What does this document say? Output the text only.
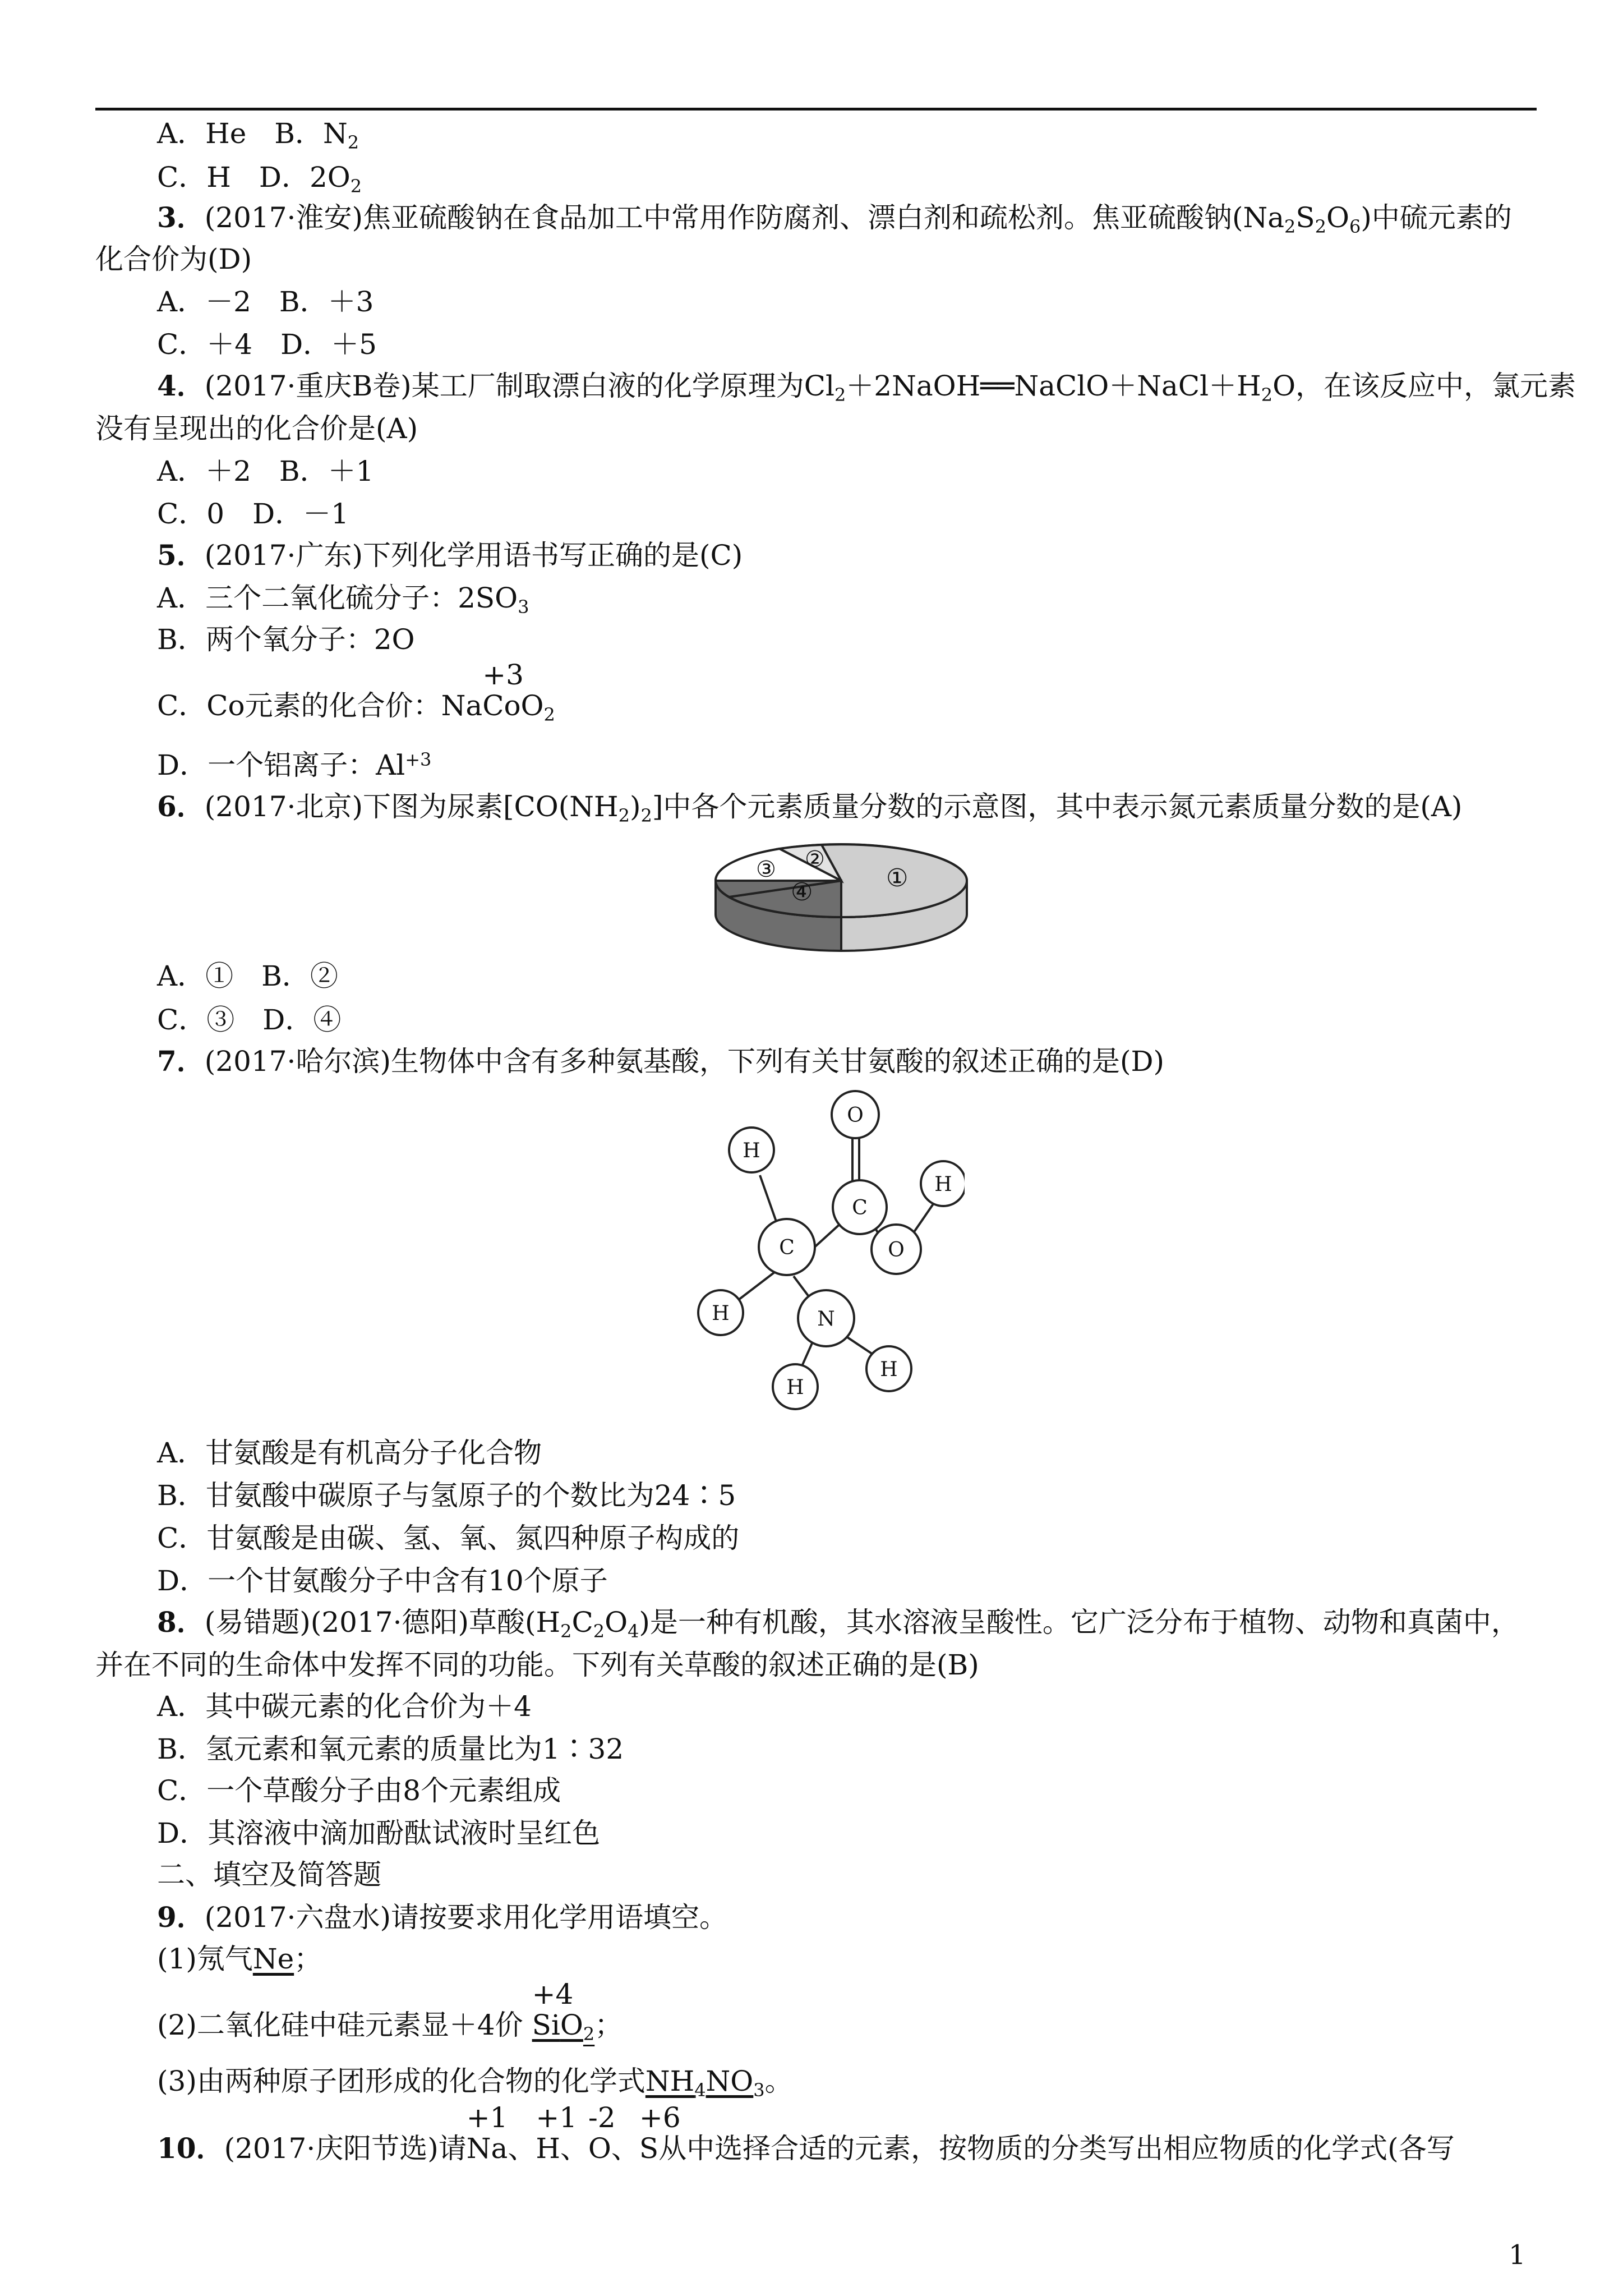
A．He　B．$N_2$
C．H　D．$2O_2$
3．(2017·淮安)焦亚硫酸钠在食品加工中常用作防腐剂、漂白剂和疏松剂。焦亚硫酸钠$(Na_2S_2O_6)$中硫元素的
化合价为(D)
A．－2　B．＋3
C．＋4　D．＋5
4．(2017·重庆B卷)某工厂制取漂白液的化学原理为$Cl_2+2NaOH══NaClO+NaCl+H_2O$，在该反应中，氯元素
没有呈现出的化合价是(A)
A．＋2　B．＋1
C．0　D．－1
5．(2017·广东)下列化学用语书写正确的是(C)
A．三个二氧化硫分子：$2SO_3$
B．两个氧分子：2O
C．Co元素的化合价：Na
+3
CoO$_2$
D．一个铝离子：$Al^{+3}$
6．(2017·北京)下图为尿素$[CO(NH_2)_2]$中各个元素质量分数的示意图，其中表示氮元素质量分数的是(A)
①
②
③
④
A．①　B．②
C．③　D．④
7．(2017·哈尔滨)生物体中含有多种氨基酸，下列有关甘氨酸的叙述正确的是(D)
O
C
H
O
H
C
H	N
H
H
A．甘氨酸是有机高分子化合物
B．甘氨酸中碳原子与氢原子的个数比为24∶5
C．甘氨酸是由碳、氢、氧、氮四种原子构成的
D．一个甘氨酸分子中含有10个原子
8．(易错题)(2017·德阳)草酸$(H_2C_2O_4)$是一种有机酸，其水溶液呈酸性。它广泛分布于植物、动物和真菌中，
并在不同的生命体中发挥不同的功能。下列有关草酸的叙述正确的是(B)
A．其中碳元素的化合价为＋4
B．氢元素和氧元素的质量比为1∶32
C．一个草酸分子由8个元素组成
D．其溶液中滴加酚酞试液时呈红色
二、填空及简答题
9．(2017·六盘水)请按要求用化学用语填空。
(1)氖气Ne；
(2)二氧化硅中硅元素显＋4价
+4
SiO$_2$；
(3)由两种原子团形成的化合物的化学式$NH_4NO_3$。
10．(2017·庆阳节选)请
+1
Na、
+1
H、
-2
O、
+6
S从中选择合适的元素，按物质的分类写出相应物质的化学式(各写
1
